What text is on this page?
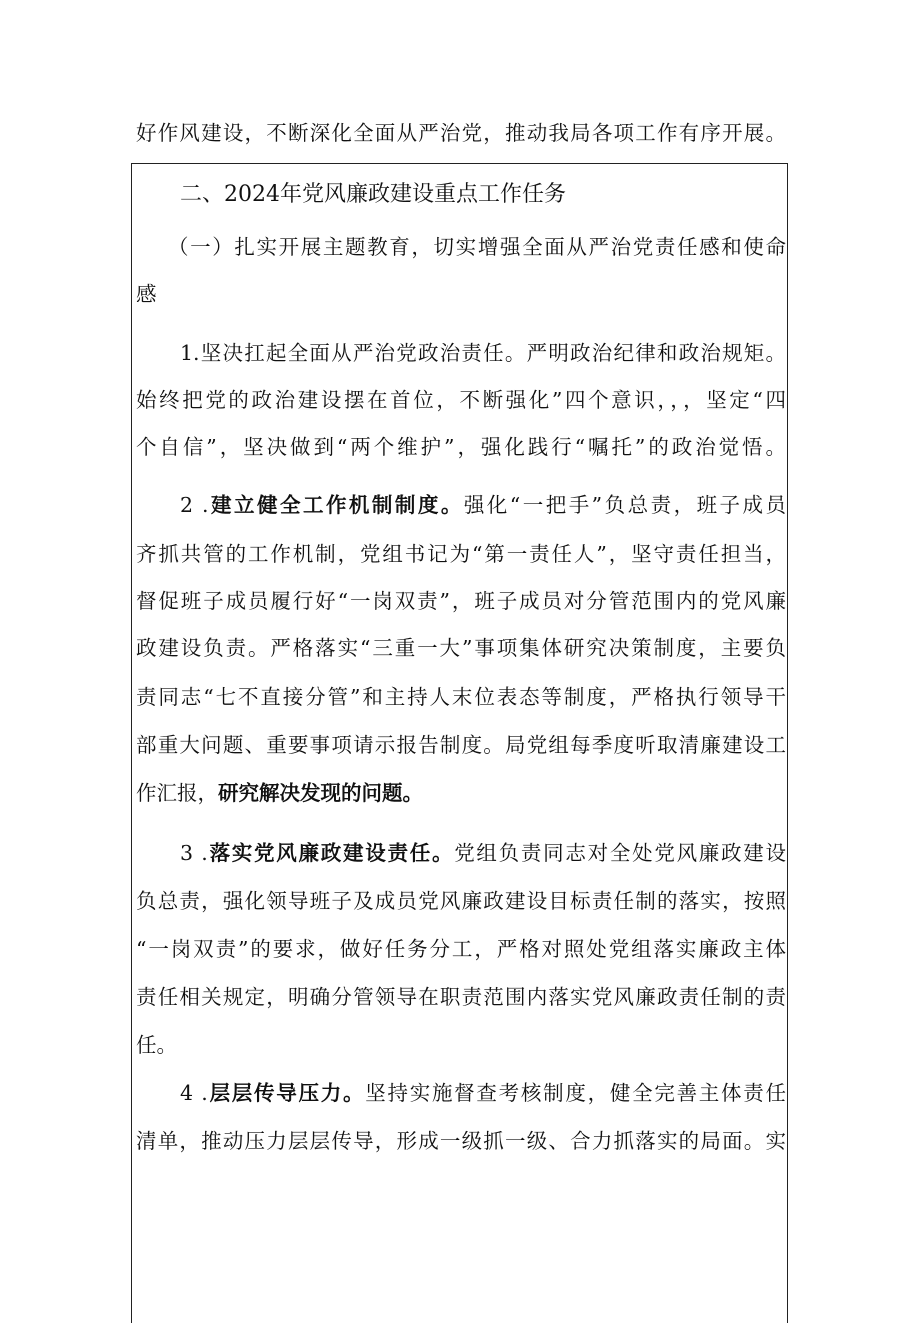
好作风建设，不断深化全面从严治党，推动我局各项工作有序开展。

二、2024年党风廉政建设重点工作任务

（一）扎实开展主题教育，切实增强全面从严治党责任感和使命

感

1.坚决扛起全面从严治党政治责任。严明政治纪律和政治规矩。

始终把党的政治建设摆在首位，不断强化”四个意识，，，坚定“四

个自信”，坚决做到“两个维护”，强化践行“嘱托”的政治觉悟。

2 .建立健全工作机制制度。强化“一把手”负总责，班子成员

齐抓共管的工作机制，党组书记为“第一责任人”，坚守责任担当，

督促班子成员履行好“一岗双责”，班子成员对分管范围内的党风廉

政建设负责。严格落实“三重一大”事项集体研究决策制度，主要负

责同志“七不直接分管”和主持人末位表态等制度，严格执行领导干

部重大问题、重要事项请示报告制度。局党组每季度听取清廉建设工

作汇报，研究解决发现的问题。

3 .落实党风廉政建设责任。党组负责同志对全处党风廉政建设

负总责，强化领导班子及成员党风廉政建设目标责任制的落实，按照

“一岗双责”的要求，做好任务分工，严格对照处党组落实廉政主体

责任相关规定，明确分管领导在职责范围内落实党风廉政责任制的责

任。

4 .层层传导压力。坚持实施督查考核制度，健全完善主体责任

清单，推动压力层层传导，形成一级抓一级、合力抓落实的局面。实
